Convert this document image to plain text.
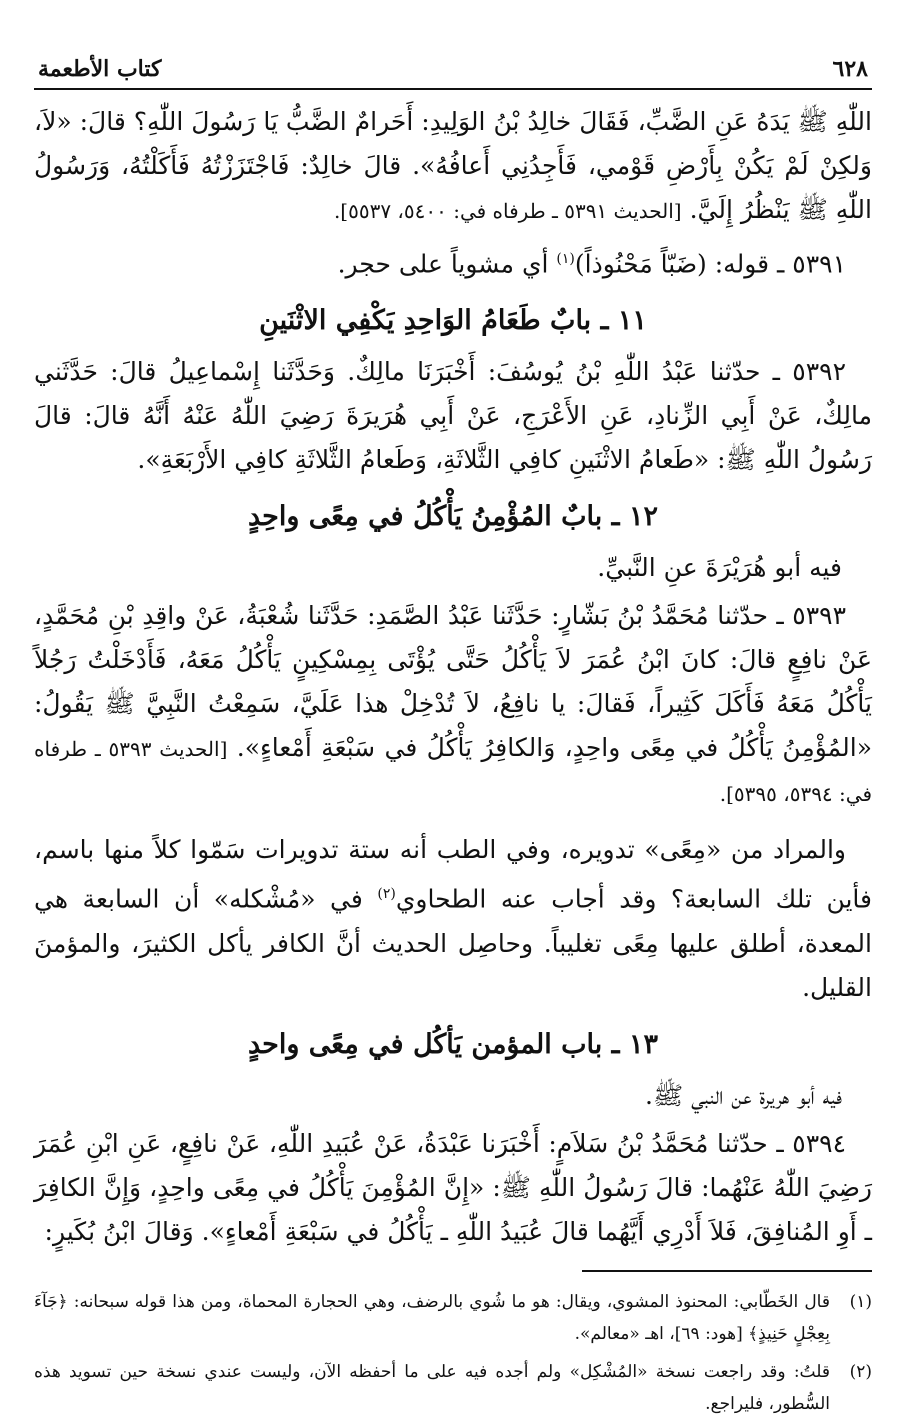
٦٢٨
كتاب الأطعمة

اللّٰهِ ﷺ يَدَهُ عَنِ الضَّبِّ، فَقَالَ خالِدُ بْنُ الوَلِيدِ: أَحَرامٌ الضَّبُّ يَا رَسُولَ اللّٰهِ؟ قالَ: «لاَ، وَلكِنْ لَمْ يَكُنْ بِأَرْضِ قَوْمي، فَأَجِدُنِي أَعافُهُ». قالَ خالِدٌ: فَاجْتَزَزْتُهُ فَأَكَلْتُهُ، وَرَسُولُ اللّٰهِ ﷺ يَنْظُرُ إِلَيَّ. [الحديث ٥٣٩١ ـ طرفاه في: ٥٤٠٠، ٥٥٣٧].

٥٣٩١ ـ قوله: (ضَبّاً مَحْنُوذاً)$^{(١)}$ أي مشوياً على حجر.

١١ ـ بابٌ طَعَامُ الوَاحِدِ يَكْفِي الاثْنَينِ

٥٣٩٢ ـ حدّثنا عَبْدُ اللّٰهِ بْنُ يُوسُفَ: أَخْبَرَنَا مالِكٌ. وَحَدَّثَنا إِسْماعِيلُ قالَ: حَدَّثَني مالِكٌ، عَنْ أَبِي الزِّنادِ، عَنِ الأَعْرَجِ، عَنْ أَبِي هُرَيرَةَ رَضِيَ اللّٰهُ عَنْهُ أَنَّهُ قالَ: قالَ رَسُولُ اللّٰهِ ﷺ: «طَعامُ الاثْنَينِ كافِي الثَّلاثَةِ، وَطَعامُ الثَّلاثَةِ كافِي الأَرْبَعَةِ».

١٢ ـ بابٌ المُؤْمِنُ يَأْكُلُ في مِعًى واحِدٍ
فيه أبو هُرَيْرَةَ عنِ النَّبيِّ.

٥٣٩٣ ـ حدّثنا مُحَمَّدُ بْنُ بَشّارٍ: حَدَّثَنا عَبْدُ الصَّمَدِ: حَدَّثَنا شُعْبَةُ، عَنْ واقِدِ بْنِ مُحَمَّدٍ، عَنْ نافِعٍ قالَ: كانَ ابْنُ عُمَرَ لاَ يَأْكُلُ حَتَّى يُؤْتَى بِمِسْكِينٍ يَأْكُلُ مَعَهُ، فَأَدْخَلْتُ رَجُلاً يَأْكُلُ مَعَهُ فَأَكَلَ كَثِيراً، فَقالَ: يا نافِعُ، لاَ تُدْخِلْ هذا عَلَيَّ، سَمِعْتُ النَّبِيَّ ﷺ يَقُولُ: «المُؤْمِنُ يَأْكُلُ في مِعًى واحِدٍ، وَالكافِرُ يَأْكُلُ في سَبْعَةِ أَمْعاءٍ». [الحديث ٥٣٩٣ ـ طرفاه في: ٥٣٩٤، ٥٣٩٥].

والمراد من «مِعًى» تدويره، وفي الطب أنه ستة تدويرات سَمّوا كلاً منها باسم، فأين تلك السابعة؟ وقد أجاب عنه الطحاوي$^{(٢)}$ في «مُشْكله» أن السابعة هي المعدة، أطلق عليها مِعًى تغليباً. وحاصِل الحديث أنَّ الكافر يأكل الكثيرَ، والمؤمنَ القليل.

١٣ ـ باب المؤمن يَأكُل في مِعًى واحدٍ
فيه أبو هريرة عن النبي ﷺ.

٥٣٩٤ ـ حدّثنا مُحَمَّدُ بْنُ سَلاَمٍ: أَخْبَرَنا عَبْدَةُ، عَنْ عُبَيدِ اللّٰهِ، عَنْ نافِعٍ، عَنِ ابْنِ عُمَرَ رَضِيَ اللّٰهُ عَنْهُما: قالَ رَسُولُ اللّٰهِ ﷺ: «إِنَّ المُؤْمِنَ يَأْكُلُ في مِعًى واحِدٍ، وَإِنَّ الكافِرَ ـ أَوِ المُنافِقَ، فَلاَ أَدْرِي أَيَّهُما قالَ عُبَيدُ اللّٰهِ ـ يَأْكُلُ في سَبْعَةِ أَمْعاءٍ». وَقالَ ابْنُ بُكَيرٍ:

(١)
قال الخَطّابي: المحنوذ المشوي، ويقال: هو ما شُوي بالرضف، وهي الحجارة المحماة، ومن هذا قوله سبحانه: ﴿جَآءَ بِعِجْلٍ حَنِيذٍ﴾ [هود: ٦٩]، اهـ «معالم».
(٢)
قلتُ: وقد راجعت نسخة «المُشْكِل» ولم أجده فيه على ما أحفظه الآن، وليست عندي نسخة حين تسويد هذه السُّطور، فليراجع.
